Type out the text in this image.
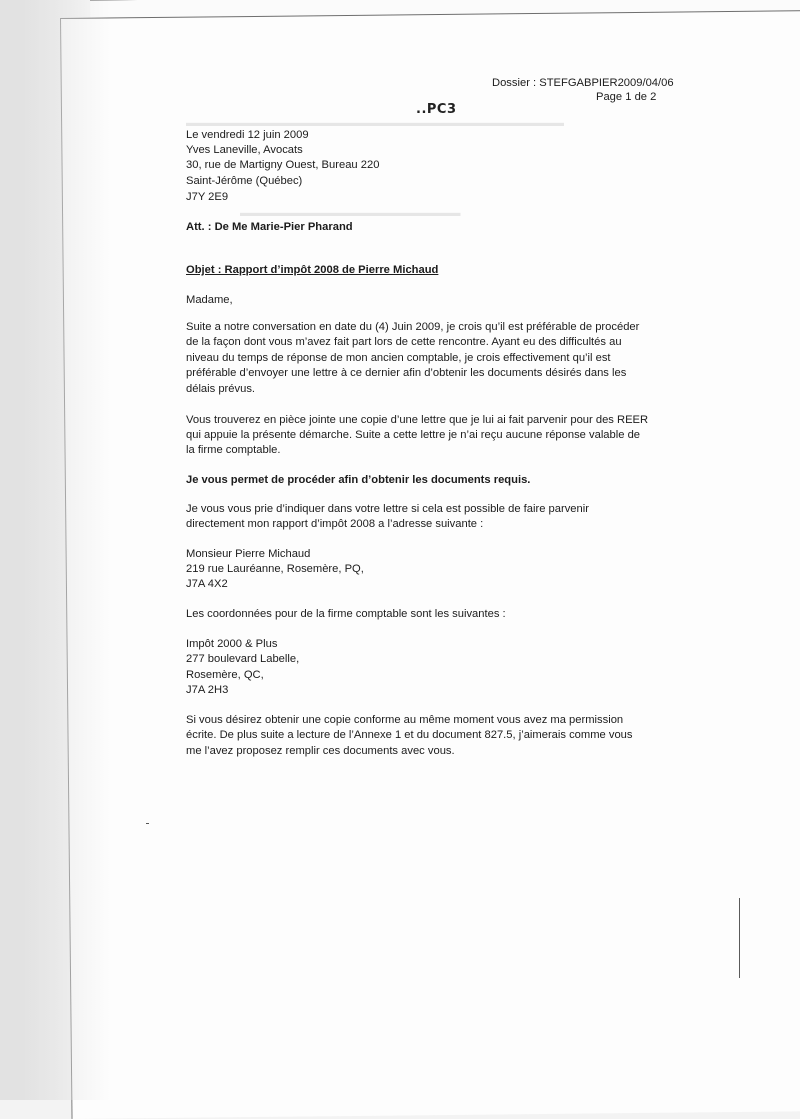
▬▬▬▬▬▬▬▬▬▬▬▬▬▬▬▬▬▬▬▬▬▬▬▬▬▬▬▬▬▬▬▬▬▬▬▬
▬▬▬▬▬▬▬▬▬▬▬▬▬▬▬▬▬▬▬▬▬
Dossier : STEFGABPIER2009/04/06
Page 1 de 2
..PC3
Le vendredi 12 juin 2009
Yves Laneville, Avocats
30, rue de Martigny Ouest, Bureau 220
Saint-Jérôme (Québec)
J7Y 2E9
Att. : De Me Marie-Pier Pharand
Objet : Rapport d’impôt 2008 de Pierre Michaud
Madame,
Suite a notre conversation en date du (4) Juin 2009, je crois qu’il est préférable de procéder
de la façon dont vous m’avez fait part lors de cette rencontre. Ayant eu des difficultés au
niveau du temps de réponse de mon ancien comptable, je crois effectivement qu’il est
préférable d’envoyer une lettre à ce dernier afin d’obtenir les documents désirés dans les
délais prévus.
Vous trouverez en pièce jointe une copie d’une lettre que je lui ai fait parvenir pour des REER
qui appuie la présente démarche. Suite a cette lettre je n’ai reçu aucune réponse valable de
la firme comptable.
Je vous permet de procéder afin d’obtenir les documents requis.
Je vous vous prie d’indiquer dans votre lettre si cela est possible de faire parvenir
directement mon rapport d’impôt 2008 a l’adresse suivante :
Monsieur Pierre Michaud
219 rue Lauréanne, Rosemère, PQ,
J7A 4X2
Les coordonnées pour de la firme comptable sont les suivantes :
Impôt 2000 & Plus
277 boulevard Labelle,
Rosemère, QC,
J7A 2H3
Si vous désirez obtenir une copie conforme au même moment vous avez ma permission
écrite. De plus suite a lecture de l’Annexe 1 et du document 827.5, j’aimerais comme vous
me l’avez proposez remplir ces documents avec vous.
